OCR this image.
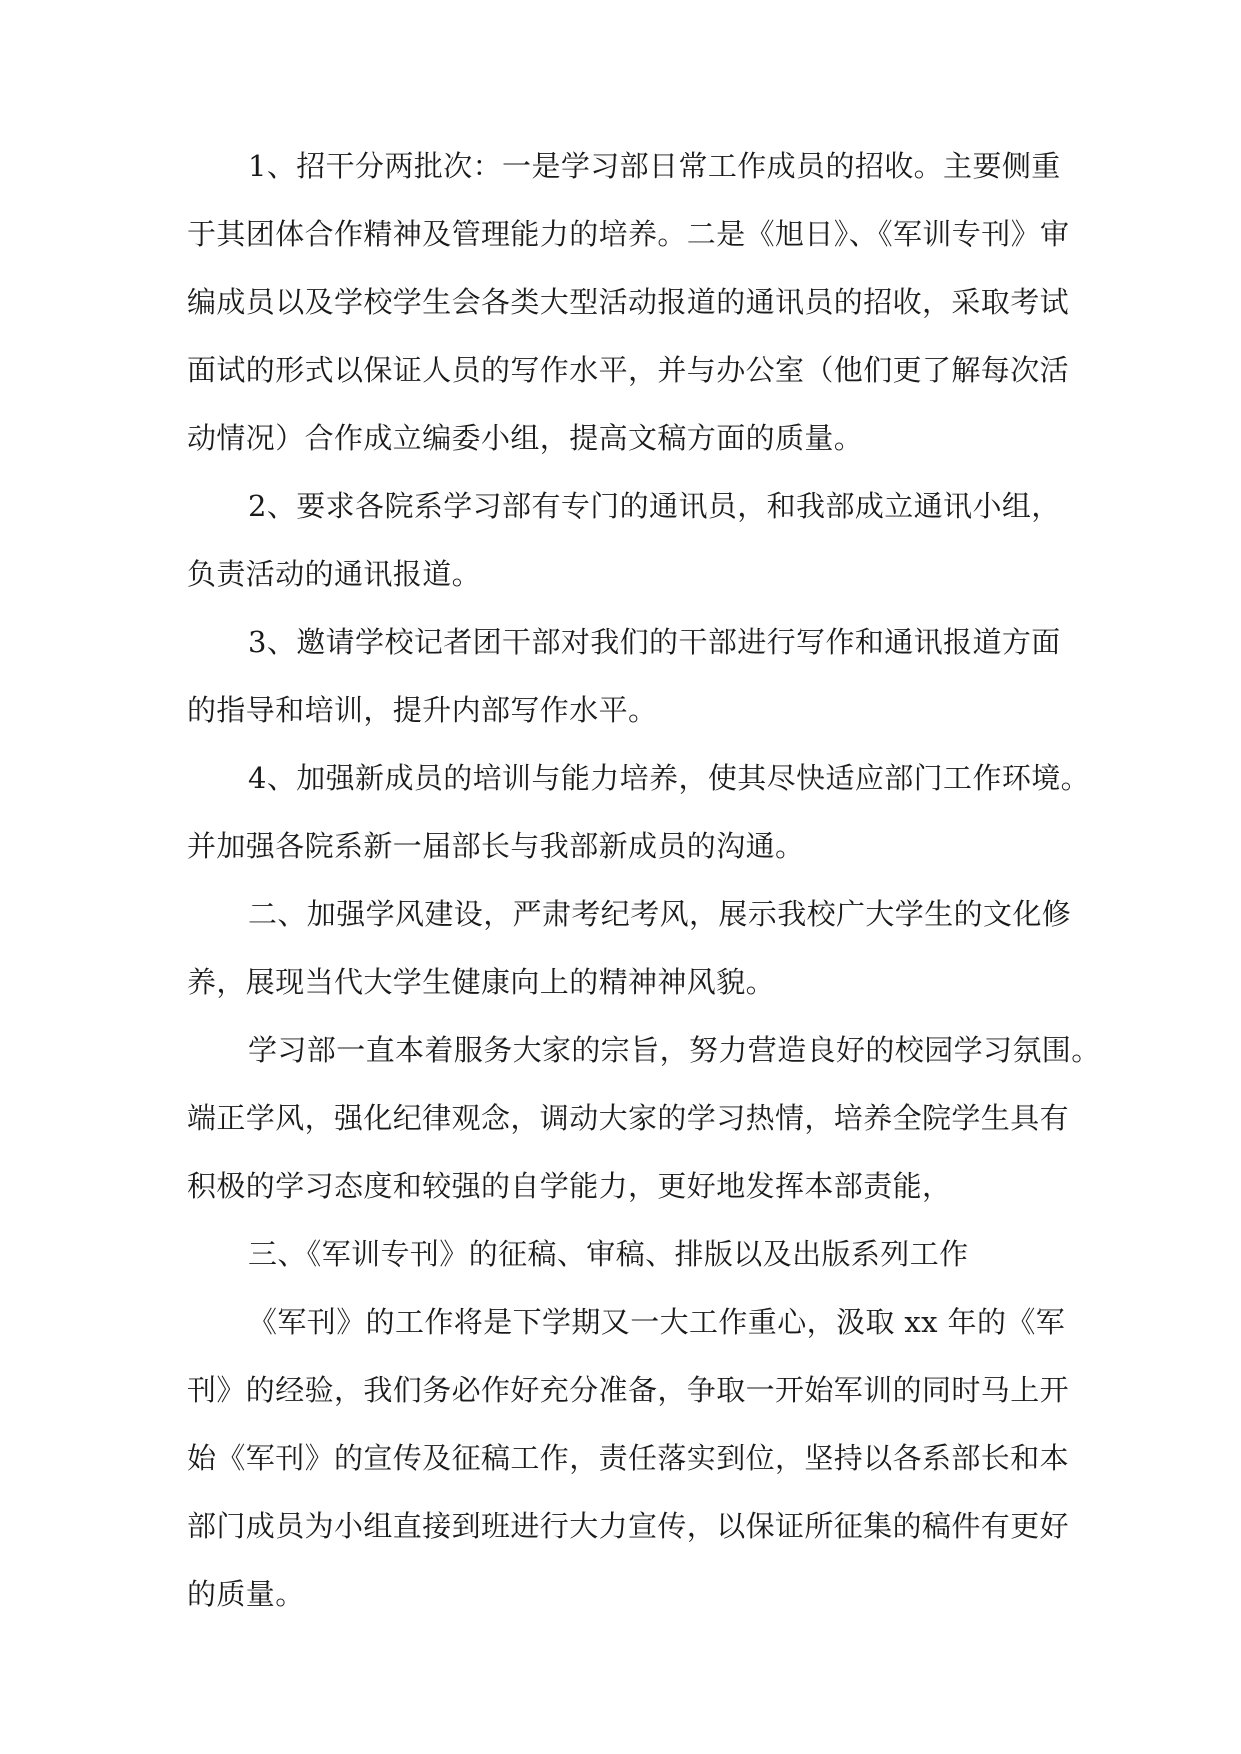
1、招干分两批次：一是学习部日常工作成员的招收。主要侧重
于其团体合作精神及管理能力的培养。二是《旭日》、《军训专刊》审
编成员以及学校学生会各类大型活动报道的通讯员的招收，采取考试
面试的形式以保证人员的写作水平，并与办公室（他们更了解每次活
动情况）合作成立编委小组，提高文稿方面的质量。
2、要求各院系学习部有专门的通讯员，和我部成立通讯小组，
负责活动的通讯报道。
3、邀请学校记者团干部对我们的干部进行写作和通讯报道方面
的指导和培训，提升内部写作水平。
4、加强新成员的培训与能力培养，使其尽快适应部门工作环境。
并加强各院系新一届部长与我部新成员的沟通。
二、加强学风建设，严肃考纪考风，展示我校广大学生的文化修
养，展现当代大学生健康向上的精神神风貌。
学习部一直本着服务大家的宗旨，努力营造良好的校园学习氛围。
端正学风，强化纪律观念，调动大家的学习热情，培养全院学生具有
积极的学习态度和较强的自学能力，更好地发挥本部责能，
三、《军训专刊》的征稿、审稿、排版以及出版系列工作
《军刊》的工作将是下学期又一大工作重心，汲取 xx 年的《军
刊》的经验，我们务必作好充分准备，争取一开始军训的同时马上开
始《军刊》的宣传及征稿工作，责任落实到位，坚持以各系部长和本
部门成员为小组直接到班进行大力宣传，以保证所征集的稿件有更好
的质量。
